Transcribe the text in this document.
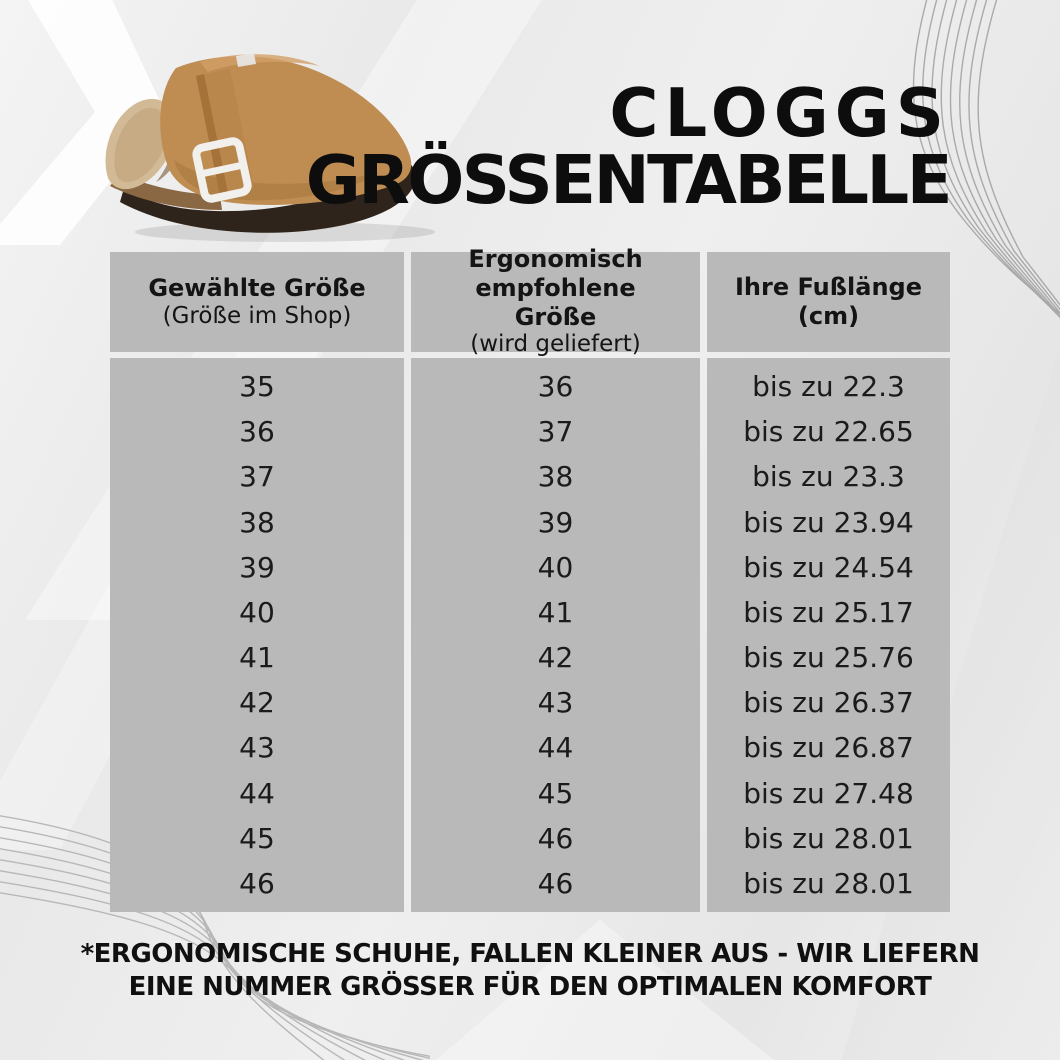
CLOGGS
GRÖSSENTABELLE
Gewählte Größe
(Größe im Shop)
Ergonomisch empfohlene Größe
(wird geliefert)
Ihre Fußlänge
(cm)
35
36
37
38
39
40
41
42
43
44
45
46
36
37
38
39
40
41
42
43
44
45
46
46
bis zu 22.3
bis zu 22.65
bis zu 23.3
bis zu 23.94
bis zu 24.54
bis zu 25.17
bis zu 25.76
bis zu 26.37
bis zu 26.87
bis zu 27.48
bis zu 28.01
bis zu 28.01
*ERGONOMISCHE SCHUHE, FALLEN KLEINER AUS - WIR LIEFERN
EINE NUMMER GRÖSSER FÜR DEN OPTIMALEN KOMFORT
